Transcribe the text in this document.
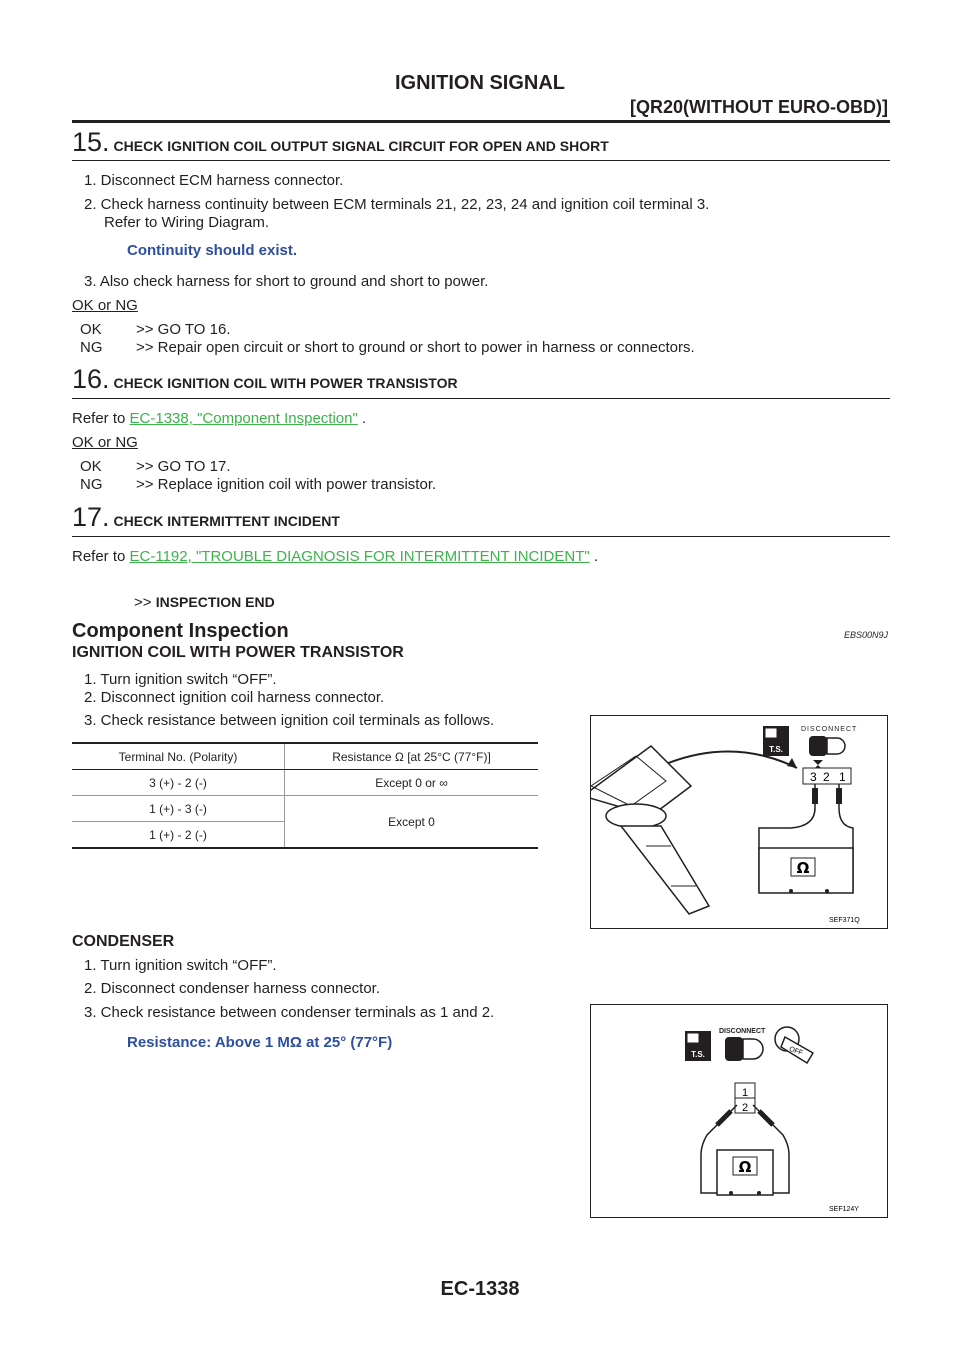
IGNITION SIGNAL
[QR20(WITHOUT EURO-OBD)]
15. CHECK IGNITION COIL OUTPUT SIGNAL CIRCUIT FOR OPEN AND SHORT
1. Disconnect ECM harness connector.
2. Check harness continuity between ECM terminals 21, 22, 23, 24 and ignition coil terminal 3.
Refer to Wiring Diagram.
Continuity should exist.
3. Also check harness for short to ground and short to power.
OK or NG
OK >> GO TO 16.
NG >> Repair open circuit or short to ground or short to power in harness or connectors.
16. CHECK IGNITION COIL WITH POWER TRANSISTOR
Refer to EC-1338, "Component Inspection" .
OK or NG
OK >> GO TO 17.
NG >> Replace ignition coil with power transistor.
17. CHECK INTERMITTENT INCIDENT
Refer to EC-1192, "TROUBLE DIAGNOSIS FOR INTERMITTENT INCIDENT" .
>> INSPECTION END
Component Inspection	EBS00N9J
IGNITION COIL WITH POWER TRANSISTOR
1. Turn ignition switch “OFF”.
2. Disconnect ignition coil harness connector.
3. Check resistance between ignition coil terminals as follows.
Terminal No. (Polarity)	Resistance Ω [at 25°C (77°F)]
3 (+) - 2 (-)	Except 0 or ∞
1 (+) - 3 (-)	Except 0
1 (+) - 2 (-)	
T.S.
DISCONNECT
3 2 1
Ω
SEF371Q
CONDENSER
1. Turn ignition switch “OFF”.
2. Disconnect condenser harness connector.
3. Check resistance between condenser terminals as 1 and 2.
Resistance: Above 1 MΩ at 25° (77°F)
T.S.
DISCONNECT
OFF
1
2
Ω
SEF124Y
EC-1338
